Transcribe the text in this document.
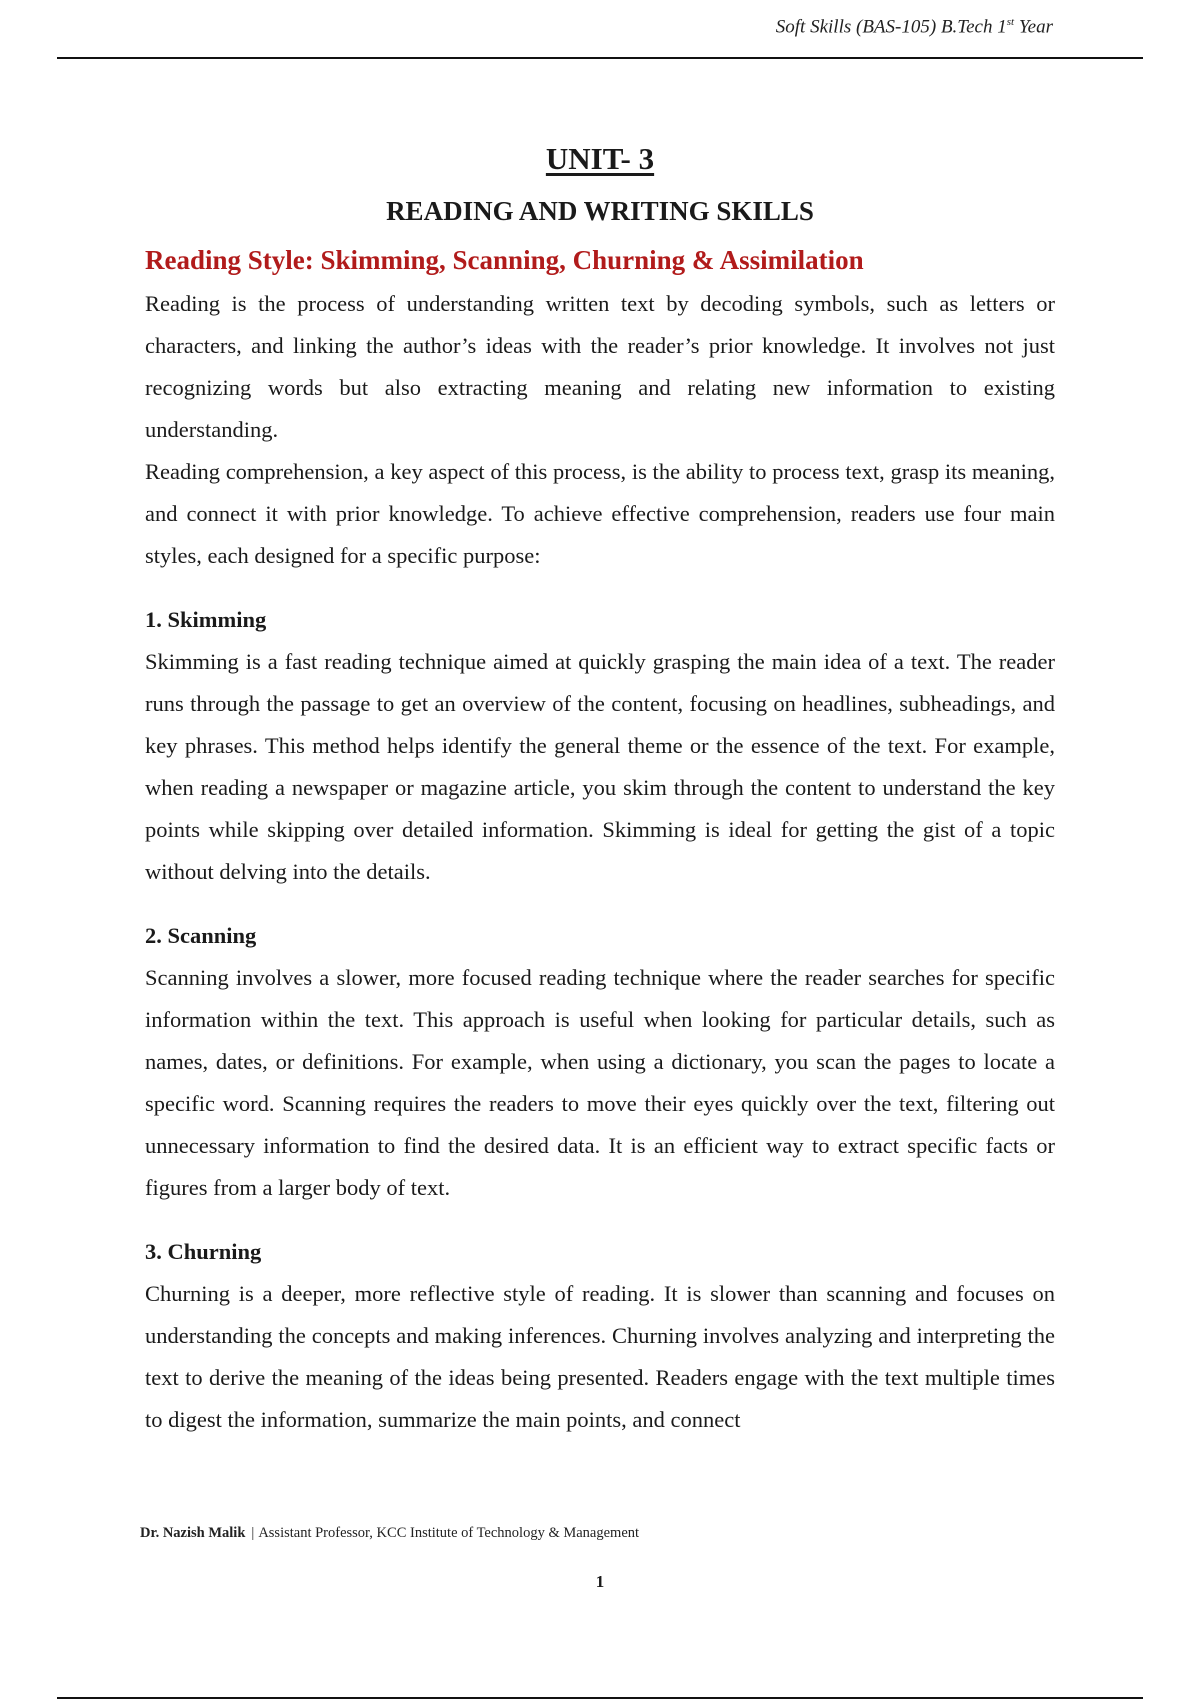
Soft Skills (BAS-105) B.Tech 1st Year
UNIT- 3
READING AND WRITING SKILLS
Reading Style: Skimming, Scanning, Churning & Assimilation

Reading is the process of understanding written text by decoding symbols, such as letters or characters, and linking the author’s ideas with the reader’s prior knowledge. It involves not just recognizing words but also extracting meaning and relating new information to existing understanding.

Reading comprehension, a key aspect of this process, is the ability to process text, grasp its meaning, and connect it with prior knowledge. To achieve effective comprehension, readers use four main styles, each designed for a specific purpose:

1. Skimming

Skimming is a fast reading technique aimed at quickly grasping the main idea of a text. The reader runs through the passage to get an overview of the content, focusing on headlines, subheadings, and key phrases. This method helps identify the general theme or the essence of the text. For example, when reading a newspaper or magazine article, you skim through the content to understand the key points while skipping over detailed information. Skimming is ideal for getting the gist of a topic without delving into the details.

2. Scanning

Scanning involves a slower, more focused reading technique where the reader searches for specific information within the text. This approach is useful when looking for particular details, such as names, dates, or definitions. For example, when using a dictionary, you scan the pages to locate a specific word. Scanning requires the readers to move their eyes quickly over the text, filtering out unnecessary information to find the desired data. It is an efficient way to extract specific facts or figures from a larger body of text.

3. Churning

Churning is a deeper, more reflective style of reading. It is slower than scanning and focuses on understanding the concepts and making inferences. Churning involves analyzing and interpreting the text to derive the meaning of the ideas being presented. Readers engage with the text multiple times to digest the information, summarize the main points, and connect

Dr. Nazish Malik | Assistant Professor, KCC Institute of Technology & Management
1
